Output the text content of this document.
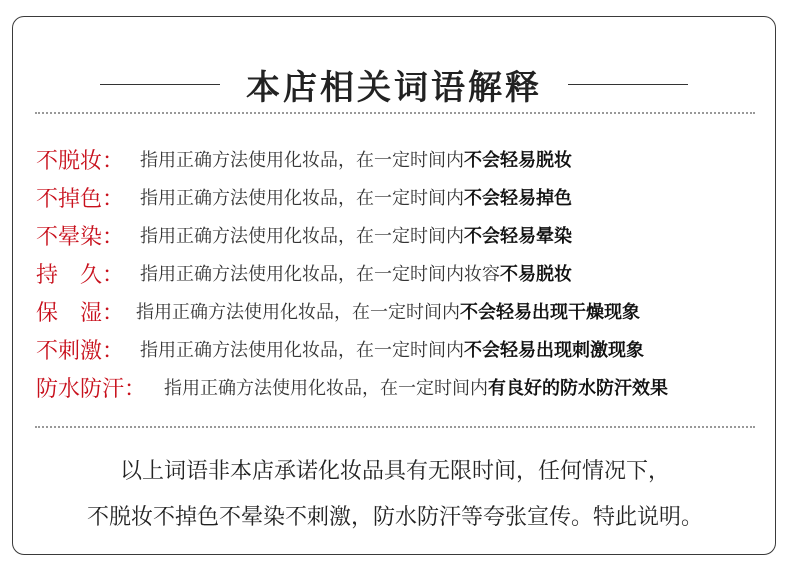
本店相关词语解释
不脱妆： 指用正确方法使用化妆品，在一定时间内 不会轻易脱妆
不掉色： 指用正确方法使用化妆品，在一定时间内 不会轻易掉色
不晕染： 指用正确方法使用化妆品，在一定时间内 不会轻易晕染
持　久： 指用正确方法使用化妆品，在一定时间内妆容 不易脱妆
保　湿： 指用正确方法使用化妆品，在一定时间内 不会轻易出现干燥现象
不刺激： 指用正确方法使用化妆品，在一定时间内 不会轻易出现刺激现象
防水防汗： 指用正确方法使用化妆品，在一定时间内 有良好的防水防汗效果
以上词语非本店承诺化妆品具有无限时间，任何情况下，
不脱妆不掉色不晕染不刺激，防水防汗等夸张宣传。特此说明。
